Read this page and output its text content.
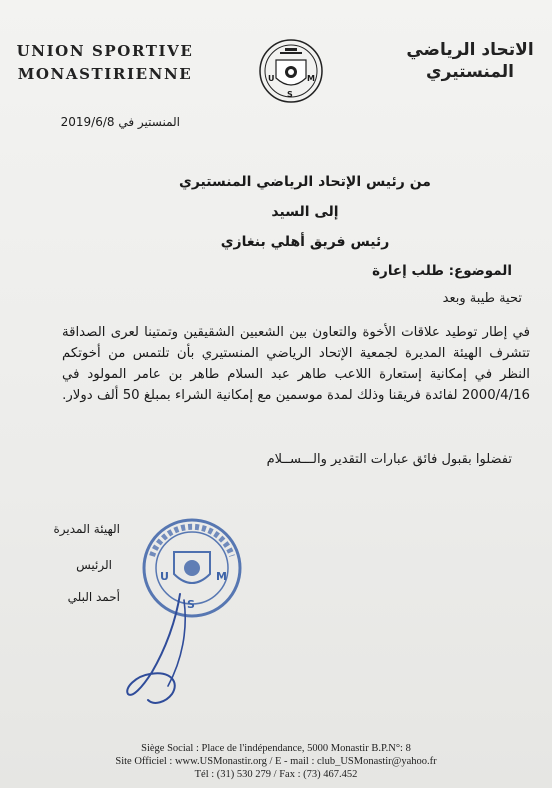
UNION SPORTIVE
MONASTIRIENNE	U
S
M
الاتحاد الرياضي
المنستيري
المنستير في 2019/6/8
من رئيس الإتحاد الرياضي المنستيري
إلى السيد
رئيس فريق أهلي بنغازي
الموضوع: طلب إعارة
تحية طيبة وبعد
في إطار توطيد علاقات الأخوة والتعاون بين الشعبين الشقيقين وتمتينا لعرى الصداقة تتشرف الهيئة المديرة لجمعية الإتحاد الرياضي المنستيري بأن تلتمس من أخوتكم النظر في إمكانية إستعارة اللاعب طاهر عبد السلام طاهر بن عامر المولود في 2000/4/16 لفائدة فريقنا وذلك لمدة موسمين مع إمكانية الشراء بمبلغ 50 ألف دولار.
تفضلوا بقبول فائق عبارات التقدير والـــســلام
الهيئة المديرة
الرئيس
أحمد البلي
U
S
M
Siège Social : Place de l'indépendance, 5000 Monastir B.P.N°: 8
Site Officiel : www.USMonastir.org / E - mail : club_USMonastir@yahoo.fr
Tél : (31) 530 279 / Fax : (73) 467.452
